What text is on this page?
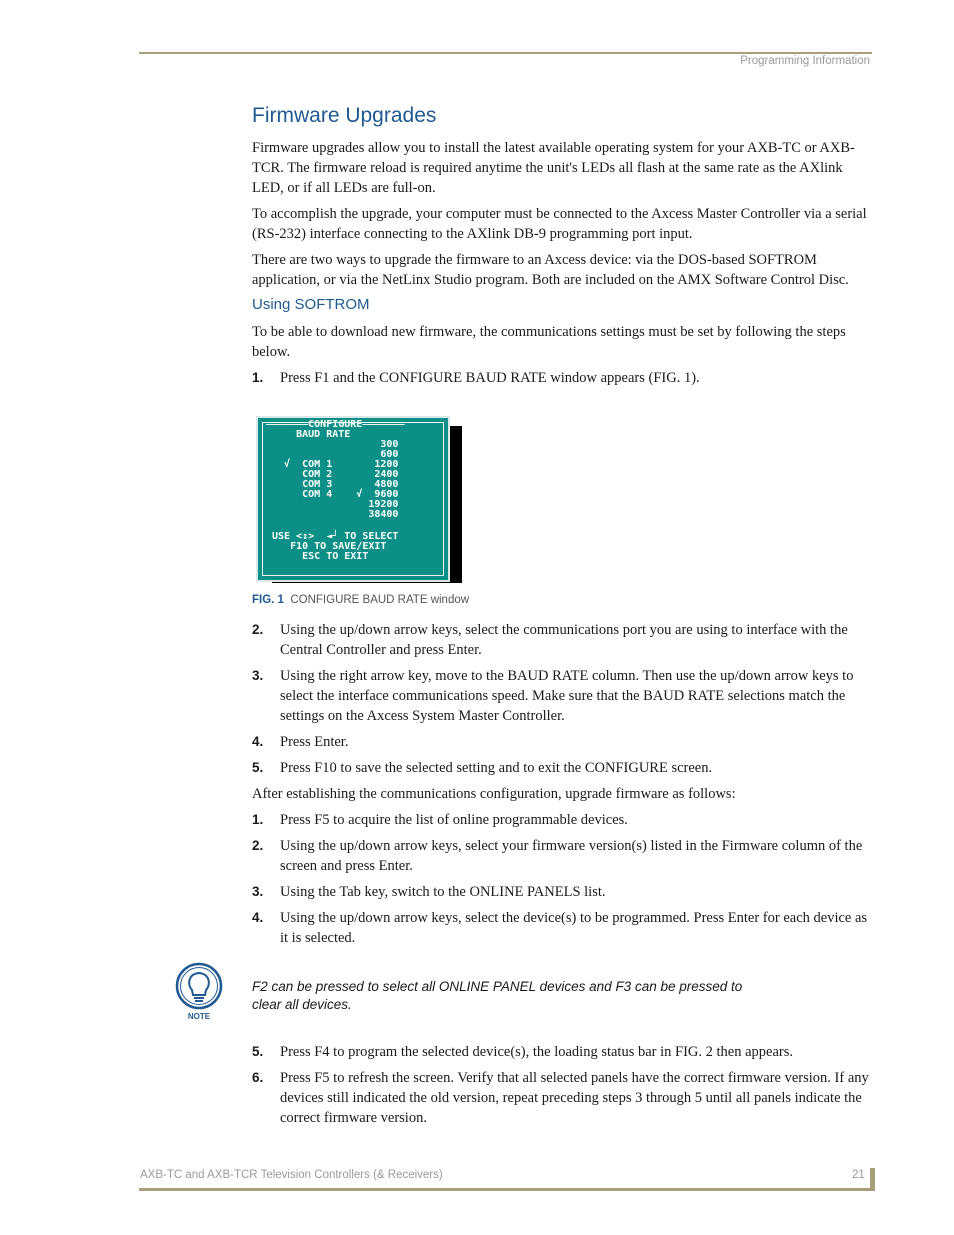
Programming Information
Firmware Upgrades

Firmware upgrades allow you to install the latest available operating system for your AXB-TC or AXB-TCR. The firmware reload is required anytime the unit's LEDs all flash at the same rate as the AXlink LED, or if all LEDs are full-on.

To accomplish the upgrade, your computer must be connected to the Axcess Master Controller via a serial (RS-232) interface connecting to the AXlink DB-9 programming port input.

There are two ways to upgrade the firmware to an Axcess device: via the DOS-based SOFTROM application, or via the NetLinx Studio program. Both are included on the AMX Software Control Disc.

Using SOFTROM

To be able to download new firmware, the communications settings must be set by following the steps below.

1.	Press F1 and the CONFIGURE BAUD RATE window appears (FIG. 1).
═══════CONFIGURE═══════
BAUD RATE
300
600
√  COM 1       1200
COM 2       2400
COM 3       4800
COM 4    √  9600
19200
38400
USE <↕>  ◄┘ TO SELECT
F10 TO SAVE/EXIT
ESC TO EXIT
FIG. 1 CONFIGURE BAUD RATE window
2.	Using the up/down arrow keys, select the communications port you are using to interface with the Central Controller and press Enter.
3.	Using the right arrow key, move to the BAUD RATE column. Then use the up/down arrow keys to select the interface communications speed. Make sure that the BAUD RATE selections match the settings on the Axcess System Master Controller.
4.	Press Enter.
5.	Press F10 to save the selected setting and to exit the CONFIGURE screen.

After establishing the communications configuration, upgrade firmware as follows:

1.	Press F5 to acquire the list of online programmable devices.
2.	Using the up/down arrow keys, select your firmware version(s) listed in the Firmware column of the screen and press Enter.
3.	Using the Tab key, switch to the ONLINE PANELS list.
4.	Using the up/down arrow keys, select the device(s) to be programmed. Press Enter for each device as it is selected.
NOTE
F2 can be pressed to select all ONLINE PANEL devices and F3 can be pressed to clear all devices.
5.	Press F4 to program the selected device(s), the loading status bar in FIG. 2 then appears.
6.	Press F5 to refresh the screen. Verify that all selected panels have the correct firmware version. If any devices still indicated the old version, repeat preceding steps 3 through 5 until all panels indicate the correct firmware version.
AXB-TC and AXB-TCR Television Controllers (& Receivers)	21
